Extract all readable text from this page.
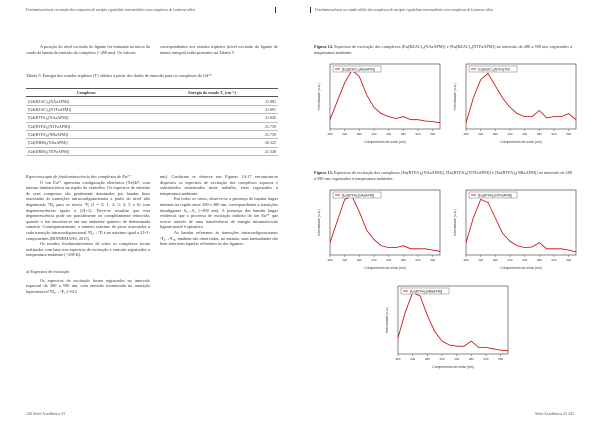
Fotoluminescência em estudo dos compostos de európio e gadolínio intermediário com complexos de Lanterna sílica

A posição do nível excitado do ligante foi estimada no início da cauda da banda de emissão do complexo (~450 nm). Os valores

correspondentes aos estados tripletos (nível excitado do ligante de menor energia) estão presentes na Tabela 5.

Tabela 5. Energia dos estados tripletos (T) obtidos a partir dos dados de emissão para os complexos de Gd³⁺.
Complexos	Energia do estado T₁ (cm⁻¹)
[Gd(BZAC)₃(NAaAPM)]	21.881
[Gd(BZAC)₃(NTFaAPM)]	21.691
[Gd(BTFA)₃(NAaAPM)]	21.645
[Gd(BTFA)₃(NTFaAPM)]	21.739
[Gd(BTFA)₃(NBaAPM)]	21.739
[Gd(DBM)₃(NAaAPM)]	20.325
[Gd(DBM)₃(NTFaAPM)]	21.348

Espectroscopia de fotoluminescência dos complexos de Eu³⁺

O íon Eu³⁺ apresenta configuração eletrônica [Xe]4f⁶, com intensa luminescência na região do vermelho. Os espectros de emissão de seus compostos são geralmente dominados por bandas finas associadas às transições intraconfiguracionais a partir do nível não degenerado ⁵D₀ para os níveis ⁷Fⱼ (J = 0, 1, 2, 3, 4, 5 e 6) com degenerescências iguais a (2J+1). Deve-se ressaltar que esta degenerescência pode ser parcialmente ou completamente removida, quando o íon encontra-se em um ambiente químico de determinada simetria. Consequentemente, o número máximo de picos associados a cada transição intraconfiguracional ⁵D₀→⁷Fⱼ é no máximo igual a 2J+1-componentes (BINNEMANS, 2015).

Os estudos fotoluminescentes de todos os complexos foram realizados com base nos espectros de excitação e emissão registrados a temperatura ambiente (~298 K).

a) Espectros de excitação

Os espectros de excitação foram registrados no intervalo espectral de 280 a 590 nm, com emissão monitorada na transição hipersensível ⁵D₀→⁷F₂ (~612

nm). Conforme se observa nas Figuras 14-17 encontram-se dispostos os espectros de excitação dos complexos aquosos e substituídos sintetizados neste trabalho, estes registrados à temperatura ambiente.

Em todos os casos, observa-se a presença de bandas largas intensas na região entre 280 e 480 nm, correspondentes a transições intraligantes S₀→S₁ (~400 nm). A presença das bandas largas evidencia que o processo de excitação indireta do íon Eu³⁺ que ocorre através de uma transferência de energia intramolecular ligante-metal é operativo.

As bandas referentes às transições intraconfiguracionais ⁷F₀→⁵L₆, também são observadas, no entanto, suas intensidades são bem inferiores àquelas referentes às dos ligantes.

240 Série Acadêmica 23
Fotoluminescência no estado sólido dos complexos de európio e gadolínio intermediário com complexos de Lanterna sílica
Figura 14. Espectros de excitação dos complexos [Eu(BZAC)₃(NAaAPM)] e [Eu(BZAC)₃(NTFaAPM)] no intervalo de 280 a 590 nm, registrados à temperatura ambiente.
280	320	360	400	440	480	520	560
[Eu(BZAC)₃(NAaAPM)]
Comprimento de onda (nm)
Intensidade (u.a.)
280	320	360	400	440	480	520	560
Eu(BZAC)₃(NTFa)·PM
Comprimento de onda (nm)
Intensidade (u.a.)
Figura 15. Espectros de excitação dos complexos [Eu(BTFA)₃(NAaAPM)], [Eu(BTFA)₃(NTFaAPM)] e [Eu(BTFA)₃(NBaAPM)] no intervalo de 280 a 590 nm, registrados à temperatura ambiente.
280	320	360	400	440	480	520	560
[Eu(BTFA)₃(NAaAPM)]
Comprimento de onda (nm)
Intensidade (u.a.)
280	320	360	400	440	480	520	560
[Eu(BTFA)₃(NTFaAPM)]
Comprimento de onda (nm)
Intensidade (u.a.)
280	320	360	400	440	480	520	560
[Eu(BTFA)₃(NBaAPM)]
Comprimento de onda (nm)
Intensidade (u.a.)
Série Acadêmica 23 241
